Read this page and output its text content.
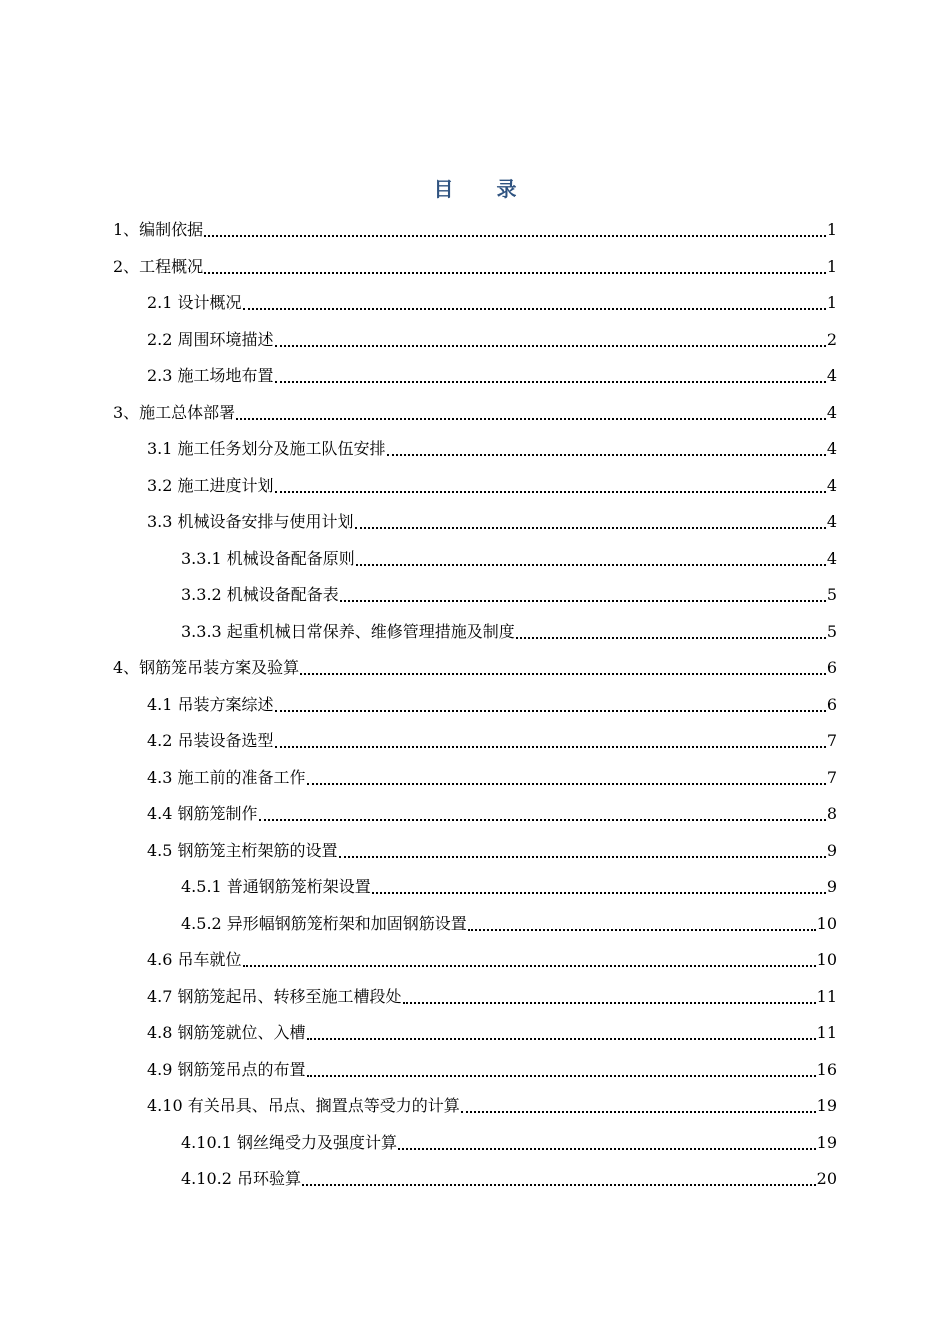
目 录
1、编制依据	1
2、工程概况	1
2.1 设计概况	1
2.2 周围环境描述	2
2.3 施工场地布置	4
3、施工总体部署	4
3.1 施工任务划分及施工队伍安排	4
3.2 施工进度计划	4
3.3 机械设备安排与使用计划	4
3.3.1 机械设备配备原则	4
3.3.2 机械设备配备表	5
3.3.3 起重机械日常保养、维修管理措施及制度	5
4、钢筋笼吊装方案及验算	6
4.1 吊装方案综述	6
4.2 吊装设备选型	7
4.3 施工前的准备工作	7
4.4 钢筋笼制作	8
4.5 钢筋笼主桁架筋的设置	9
4.5.1 普通钢筋笼桁架设置	9
4.5.2 异形幅钢筋笼桁架和加固钢筋设置	10
4.6 吊车就位	10
4.7 钢筋笼起吊、转移至施工槽段处	11
4.8 钢筋笼就位、入槽	11
4.9 钢筋笼吊点的布置	16
4.10 有关吊具、吊点、搁置点等受力的计算	19
4.10.1 钢丝绳受力及强度计算	19
4.10.2 吊环验算	20
